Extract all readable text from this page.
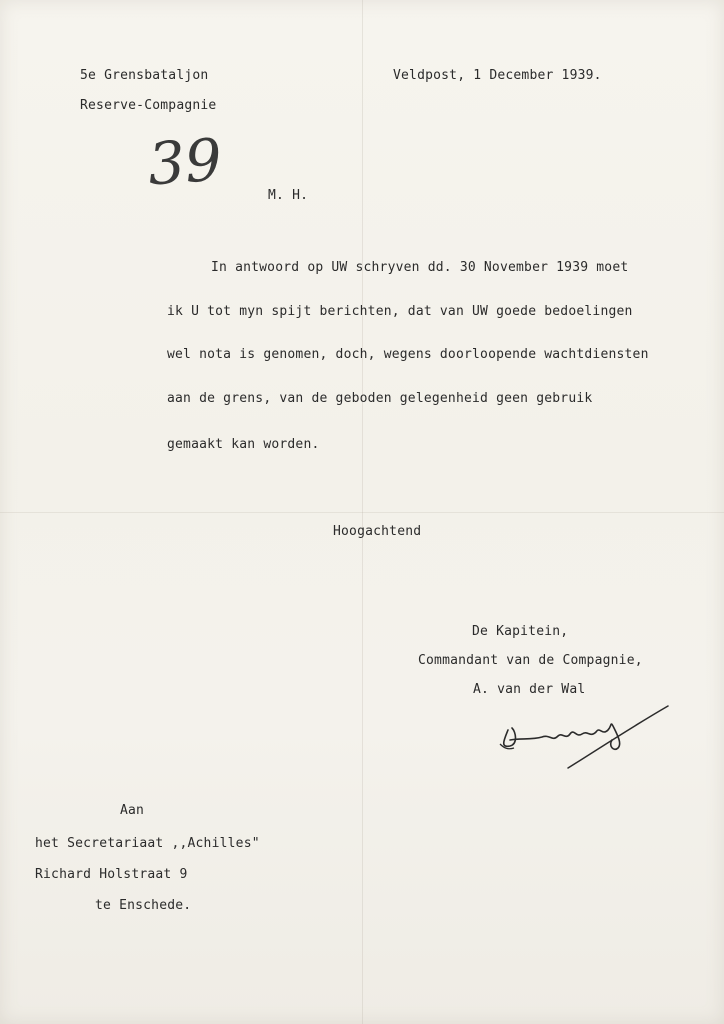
5e Grensbataljon
Reserve-Compagnie
Veldpost, 1 December 1939.
39	M. H.
In antwoord op UW schryven dd. 30 November 1939 moet
ik U tot myn spijt berichten, dat van UW goede bedoelingen
wel nota is genomen, doch, wegens doorloopende wachtdiensten
aan de grens, van de geboden gelegenheid geen gebruik
gemaakt kan worden.
Hoogachtend
De Kapitein,
Commandant van de Compagnie,
A. van der Wal
Aan
het Secretariaat ,,Achilles"
Richard Holstraat 9
te Enschede.
